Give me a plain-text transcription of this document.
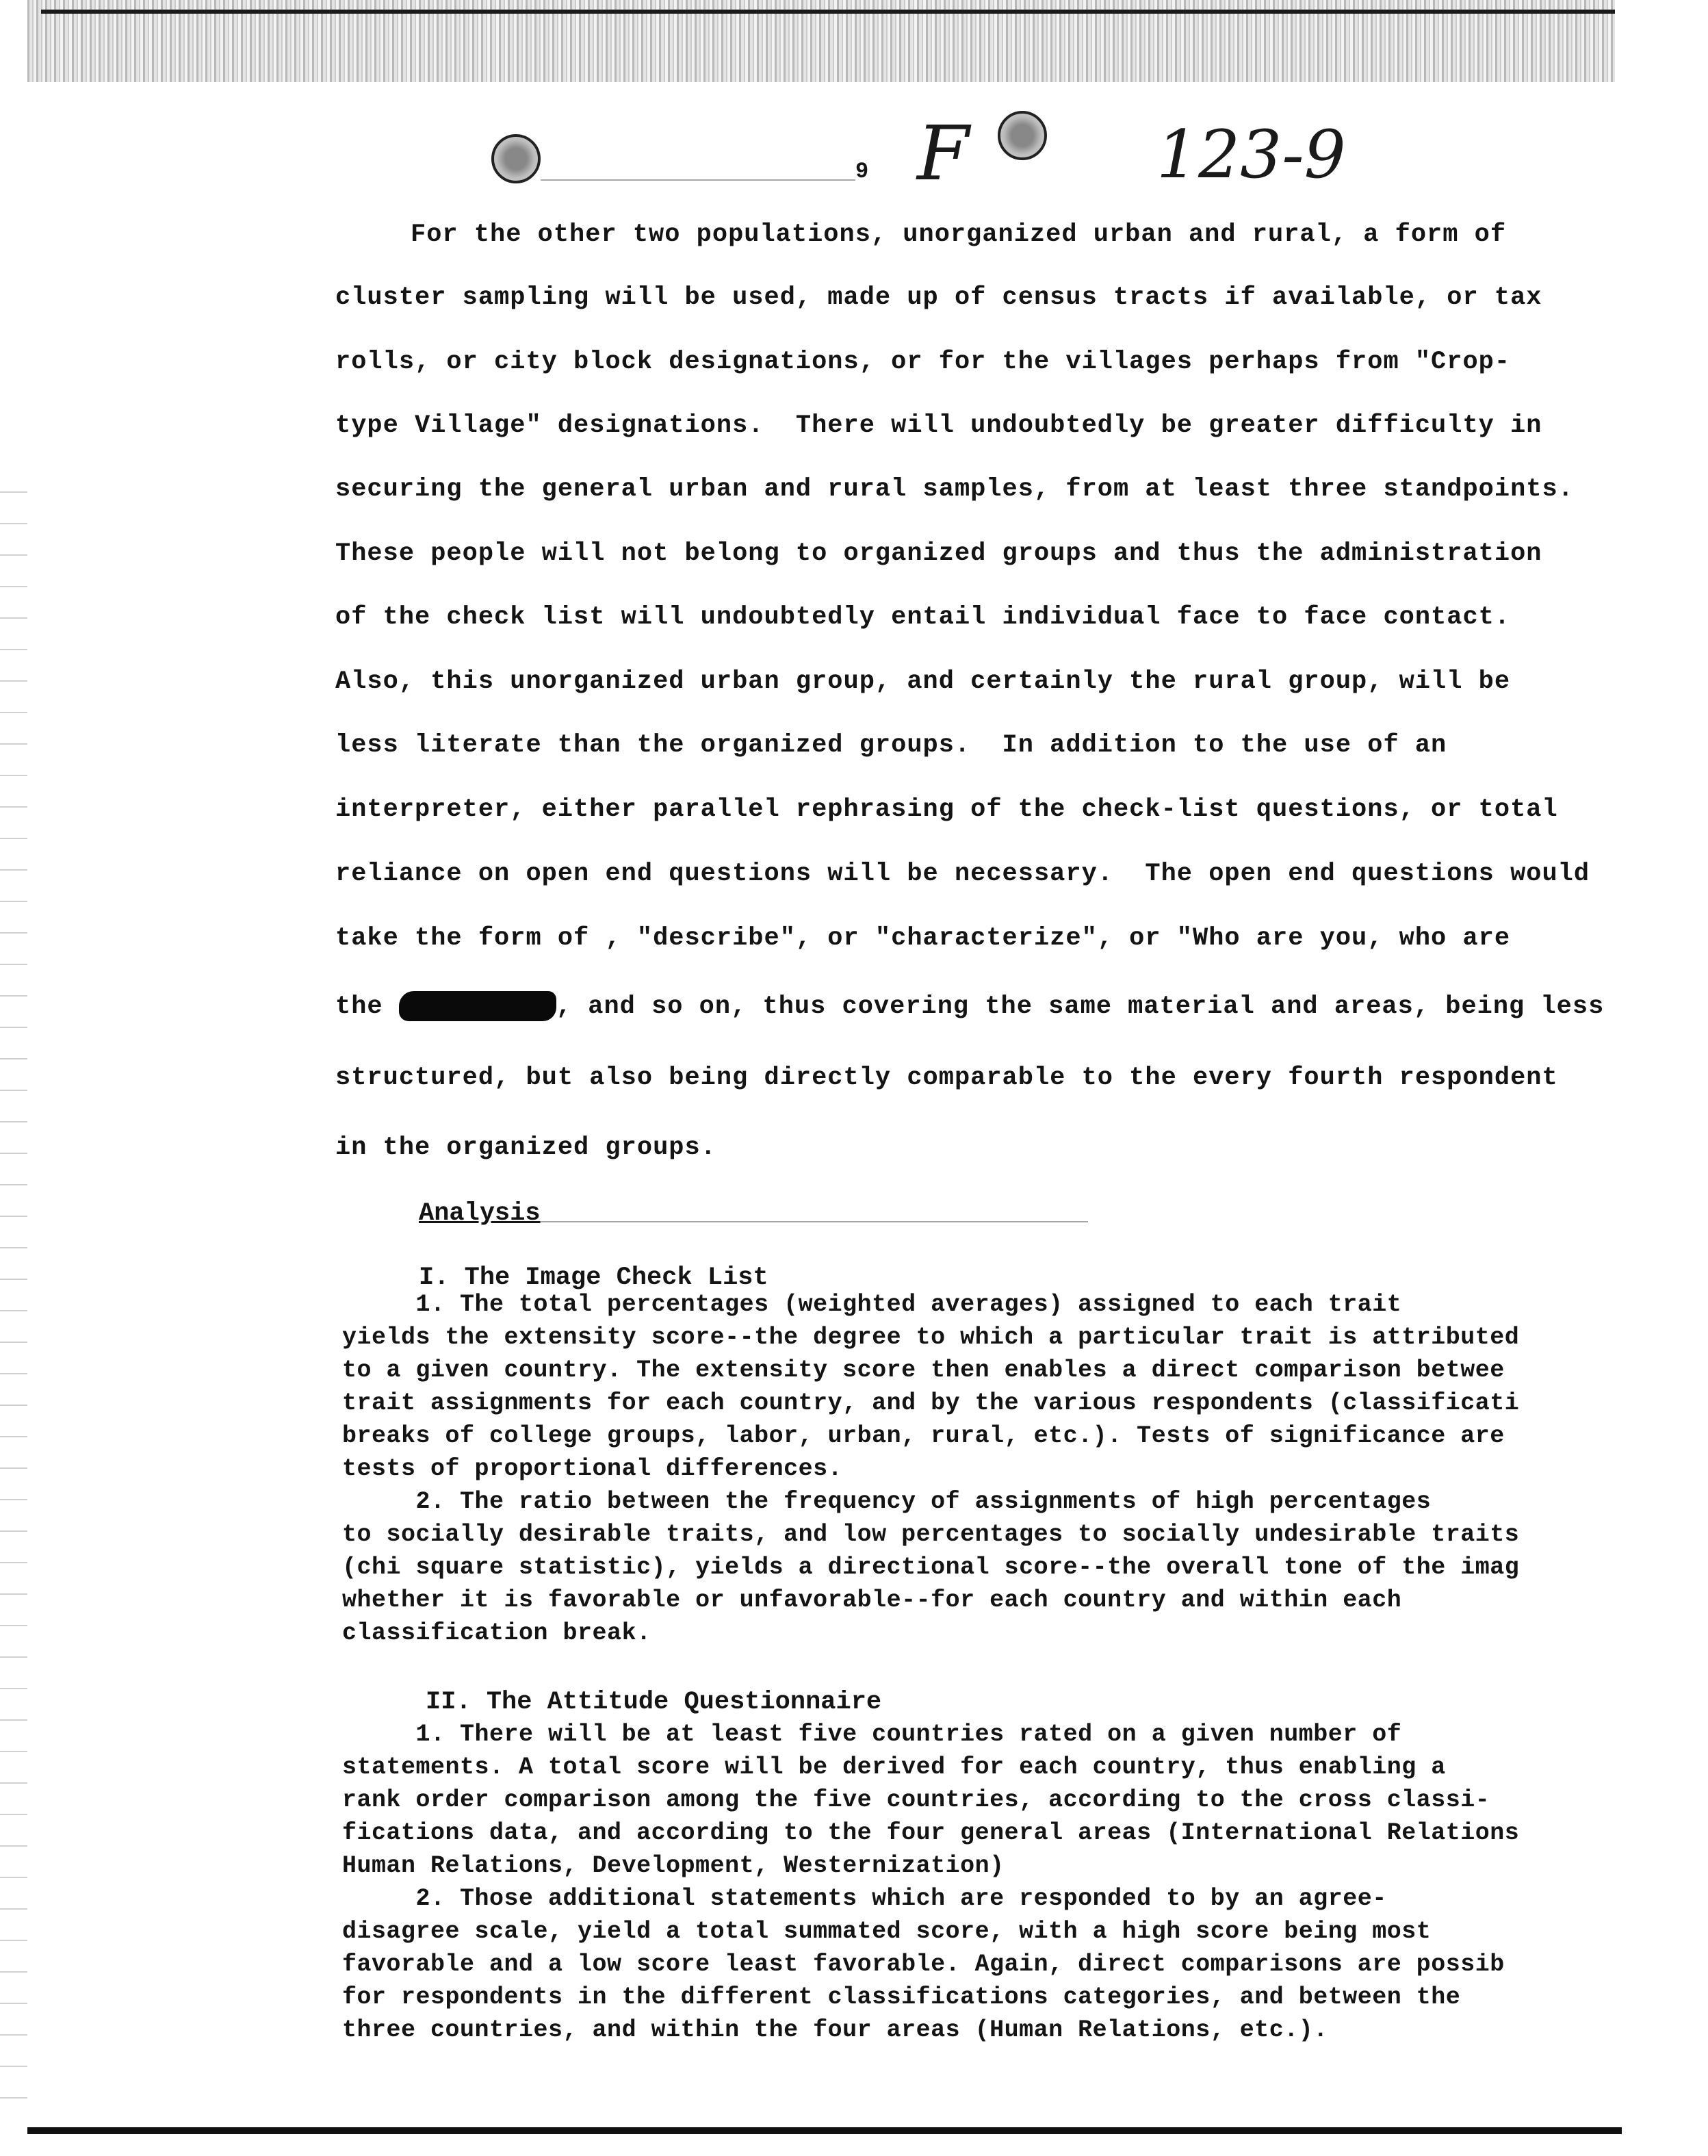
9 F	123-9
For the other two populations, unorganized urban and rural, a form of
cluster sampling will be used, made up of census tracts if available, or tax
rolls, or city block designations, or for the villages perhaps from "Crop-
type Village" designations.  There will undoubtedly be greater difficulty in
securing the general urban and rural samples, from at least three standpoints.
These people will not belong to organized groups and thus the administration
of the check list will undoubtedly entail individual face to face contact.
Also, this unorganized urban group, and certainly the rural group, will be
less literate than the organized groups.  In addition to the use of an
interpreter, either parallel rephrasing of the check-list questions, or total
reliance on open end questions will be necessary.  The open end questions would
take the form of , "describe", or "characterize", or "Who are you, who are
the	, and so on, thus covering the same material and areas, being less
structured, but also being directly comparable to the every fourth respondent
in the organized groups.
Analysis
I. The Image Check List
1. The total percentages (weighted averages) assigned to each trait
yields the extensity score--the degree to which a particular trait is attributed
to a given country. The extensity score then enables a direct comparison betwee
trait assignments for each country, and by the various respondents (classificati
breaks of college groups, labor, urban, rural, etc.). Tests of significance are
tests of proportional differences.
2. The ratio between the frequency of assignments of high percentages
to socially desirable traits, and low percentages to socially undesirable traits
(chi square statistic), yields a directional score--the overall tone of the imag
whether it is favorable or unfavorable--for each country and within each
classification break.
II. The Attitude Questionnaire
1. There will be at least five countries rated on a given number of
statements. A total score will be derived for each country, thus enabling a
rank order comparison among the five countries, according to the cross classi-
fications data, and according to the four general areas (International Relations
Human Relations, Development, Westernization)
2. Those additional statements which are responded to by an agree-
disagree scale, yield a total summated score, with a high score being most
favorable and a low score least favorable. Again, direct comparisons are possib
for respondents in the different classifications categories, and between the
three countries, and within the four areas (Human Relations, etc.).
